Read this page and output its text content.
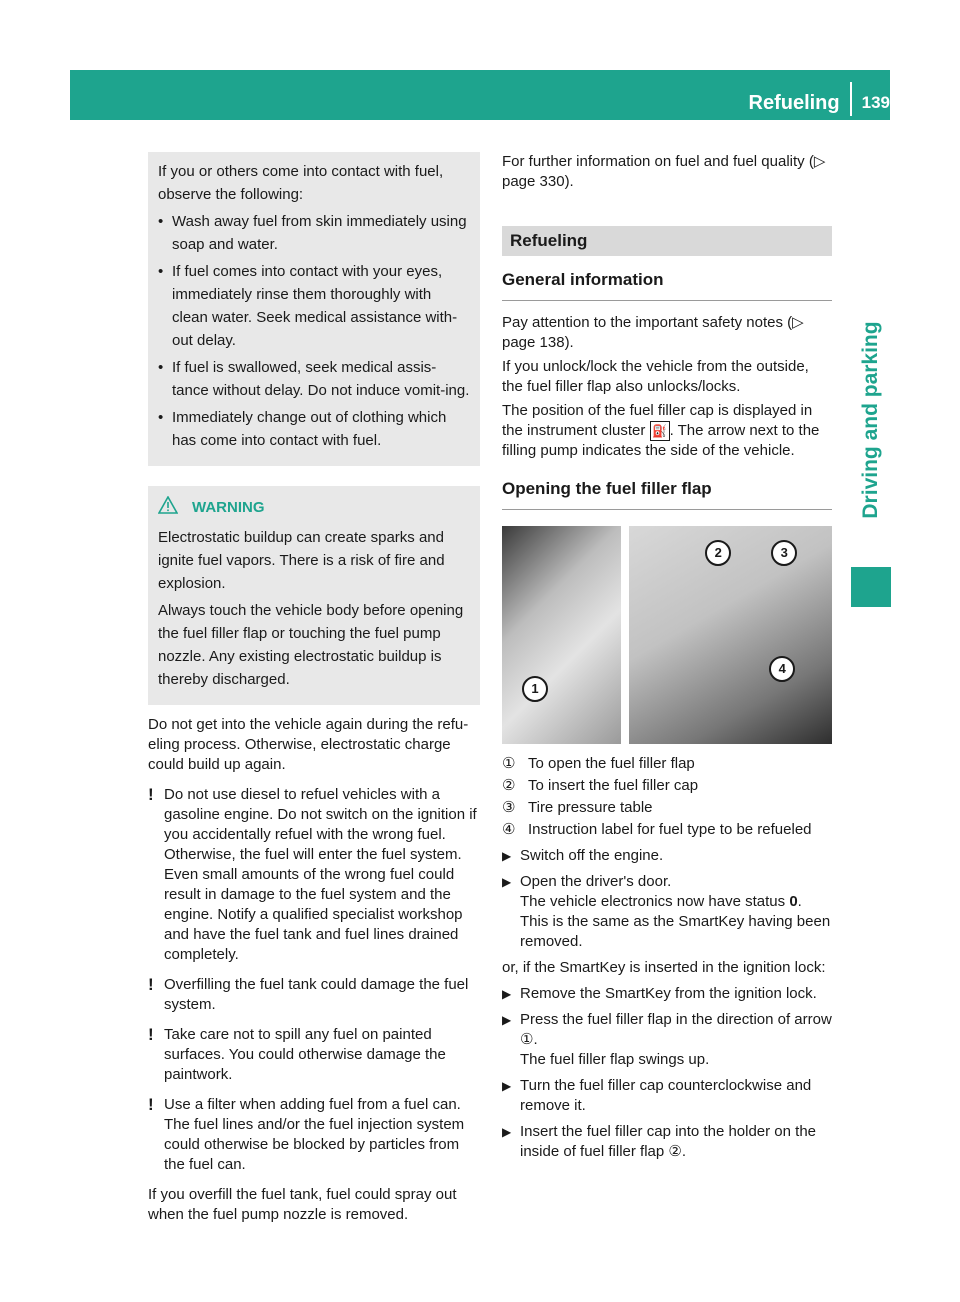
Refueling	139
Driving and parking

If you or others come into contact with fuel, observe the following:

• Wash away fuel from skin immediately using soap and water.
• If fuel comes into contact with your eyes, immediately rinse them thoroughly with clean water. Seek medical assistance with-out delay.
• If fuel is swallowed, seek medical assis-tance without delay. Do not induce vomit-ing.
• Immediately change out of clothing which has come into contact with fuel.
WARNING

Electrostatic buildup can create sparks and ignite fuel vapors. There is a risk of fire and explosion.

Always touch the vehicle body before opening the fuel filler flap or touching the fuel pump nozzle. Any existing electrostatic buildup is thereby discharged.

Do not get into the vehicle again during the refu-eling process. Otherwise, electrostatic charge could build up again.

! Do not use diesel to refuel vehicles with a gasoline engine. Do not switch on the ignition if you accidentally refuel with the wrong fuel. Otherwise, the fuel will enter the fuel system. Even small amounts of the wrong fuel could result in damage to the fuel system and the engine. Notify a qualified specialist workshop and have the fuel tank and fuel lines drained completely.
! Overfilling the fuel tank could damage the fuel system.
! Take care not to spill any fuel on painted surfaces. You could otherwise damage the paintwork.
! Use a filter when adding fuel from a fuel can. The fuel lines and/or the fuel injection system could otherwise be blocked by particles from the fuel can.

If you overfill the fuel tank, fuel could spray out when the fuel pump nozzle is removed.

For further information on fuel and fuel quality (▷ page 330).

Refueling
General information

Pay attention to the important safety notes (▷ page 138).

If you unlock/lock the vehicle from the outside, the fuel filler flap also unlocks/locks.

The position of the fuel filler cap is displayed in the instrument cluster ⛽ . The arrow next to the filling pump indicates the side of the vehicle.

Opening the fuel filler flap
1
2	3
4
① To open the fuel filler flap
② To insert the fuel filler cap
③ Tire pressure table
④ Instruction label for fuel type to be refueled
▶ Switch off the engine.
▶ Open the driver's door.
The vehicle electronics now have status 0.
This is the same as the SmartKey having been removed.

or, if the SmartKey is inserted in the ignition lock:

▶ Remove the SmartKey from the ignition lock.
▶ Press the fuel filler flap in the direction of arrow ①.
The fuel filler flap swings up.
▶ Turn the fuel filler cap counterclockwise and remove it.
▶ Insert the fuel filler cap into the holder on the inside of fuel filler flap ②.
